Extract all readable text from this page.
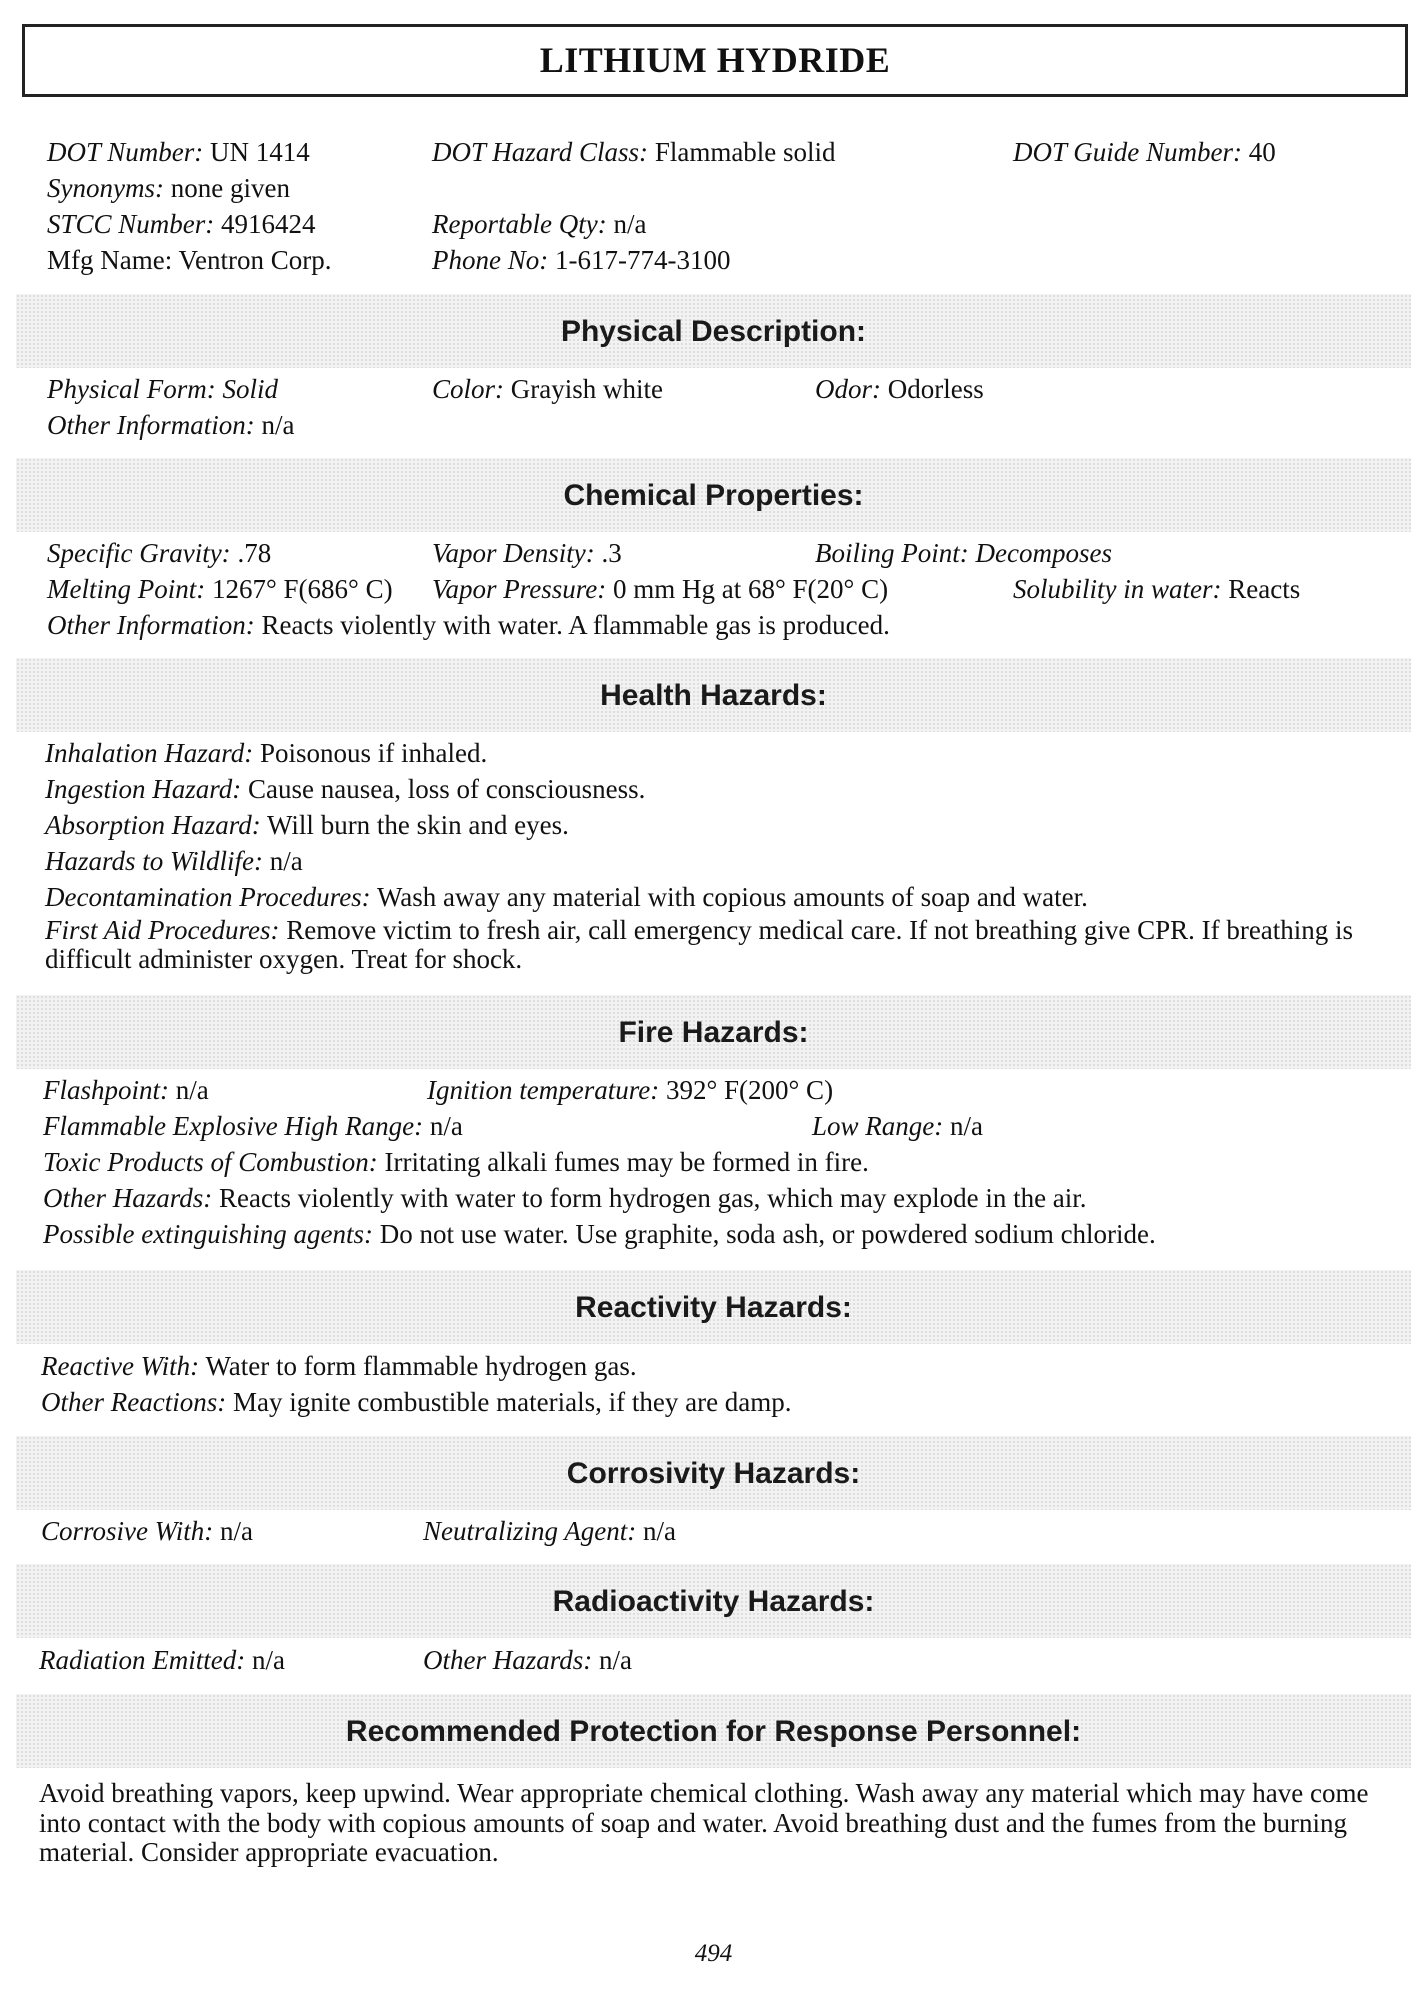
LITHIUM HYDRIDE
DOT Number: UN 1414	DOT Hazard Class: Flammable solid	DOT Guide Number: 40
Synonyms: none given
STCC Number: 4916424	Reportable Qty: n/a
Mfg Name: Ventron Corp.	Phone No: 1-617-774-3100
Physical Description:
Physical Form: Solid	Color: Grayish white	Odor: Odorless
Other Information: n/a
Chemical Properties:
Specific Gravity: .78	Vapor Density: .3	Boiling Point: Decomposes
Melting Point: 1267° F(686° C) Vapor Pressure: 0 mm Hg at 68° F(20° C)	Solubility in water: Reacts
Other Information: Reacts violently with water. A flammable gas is produced.
Health Hazards:
Inhalation Hazard: Poisonous if inhaled.
Ingestion Hazard: Cause nausea, loss of consciousness.
Absorption Hazard: Will burn the skin and eyes.
Hazards to Wildlife: n/a
Decontamination Procedures: Wash away any material with copious amounts of soap and water.
First Aid Procedures: Remove victim to fresh air, call emergency medical care. If not breathing give CPR. If breathing is difficult administer oxygen. Treat for shock.
Fire Hazards:
Flashpoint: n/a	Ignition temperature: 392° F(200° C)
Flammable Explosive High Range: n/a	Low Range: n/a
Toxic Products of Combustion: Irritating alkali fumes may be formed in fire.
Other Hazards: Reacts violently with water to form hydrogen gas, which may explode in the air.
Possible extinguishing agents: Do not use water. Use graphite, soda ash, or powdered sodium chloride.
Reactivity Hazards:
Reactive With: Water to form flammable hydrogen gas.
Other Reactions: May ignite combustible materials, if they are damp.
Corrosivity Hazards:
Corrosive With: n/a	Neutralizing Agent: n/a
Radioactivity Hazards:
Radiation Emitted: n/a	Other Hazards: n/a
Recommended Protection for Response Personnel:
Avoid breathing vapors, keep upwind. Wear appropriate chemical clothing. Wash away any material which may have come into contact with the body with copious amounts of soap and water. Avoid breathing dust and the fumes from the burning material. Consider appropriate evacuation.
494
